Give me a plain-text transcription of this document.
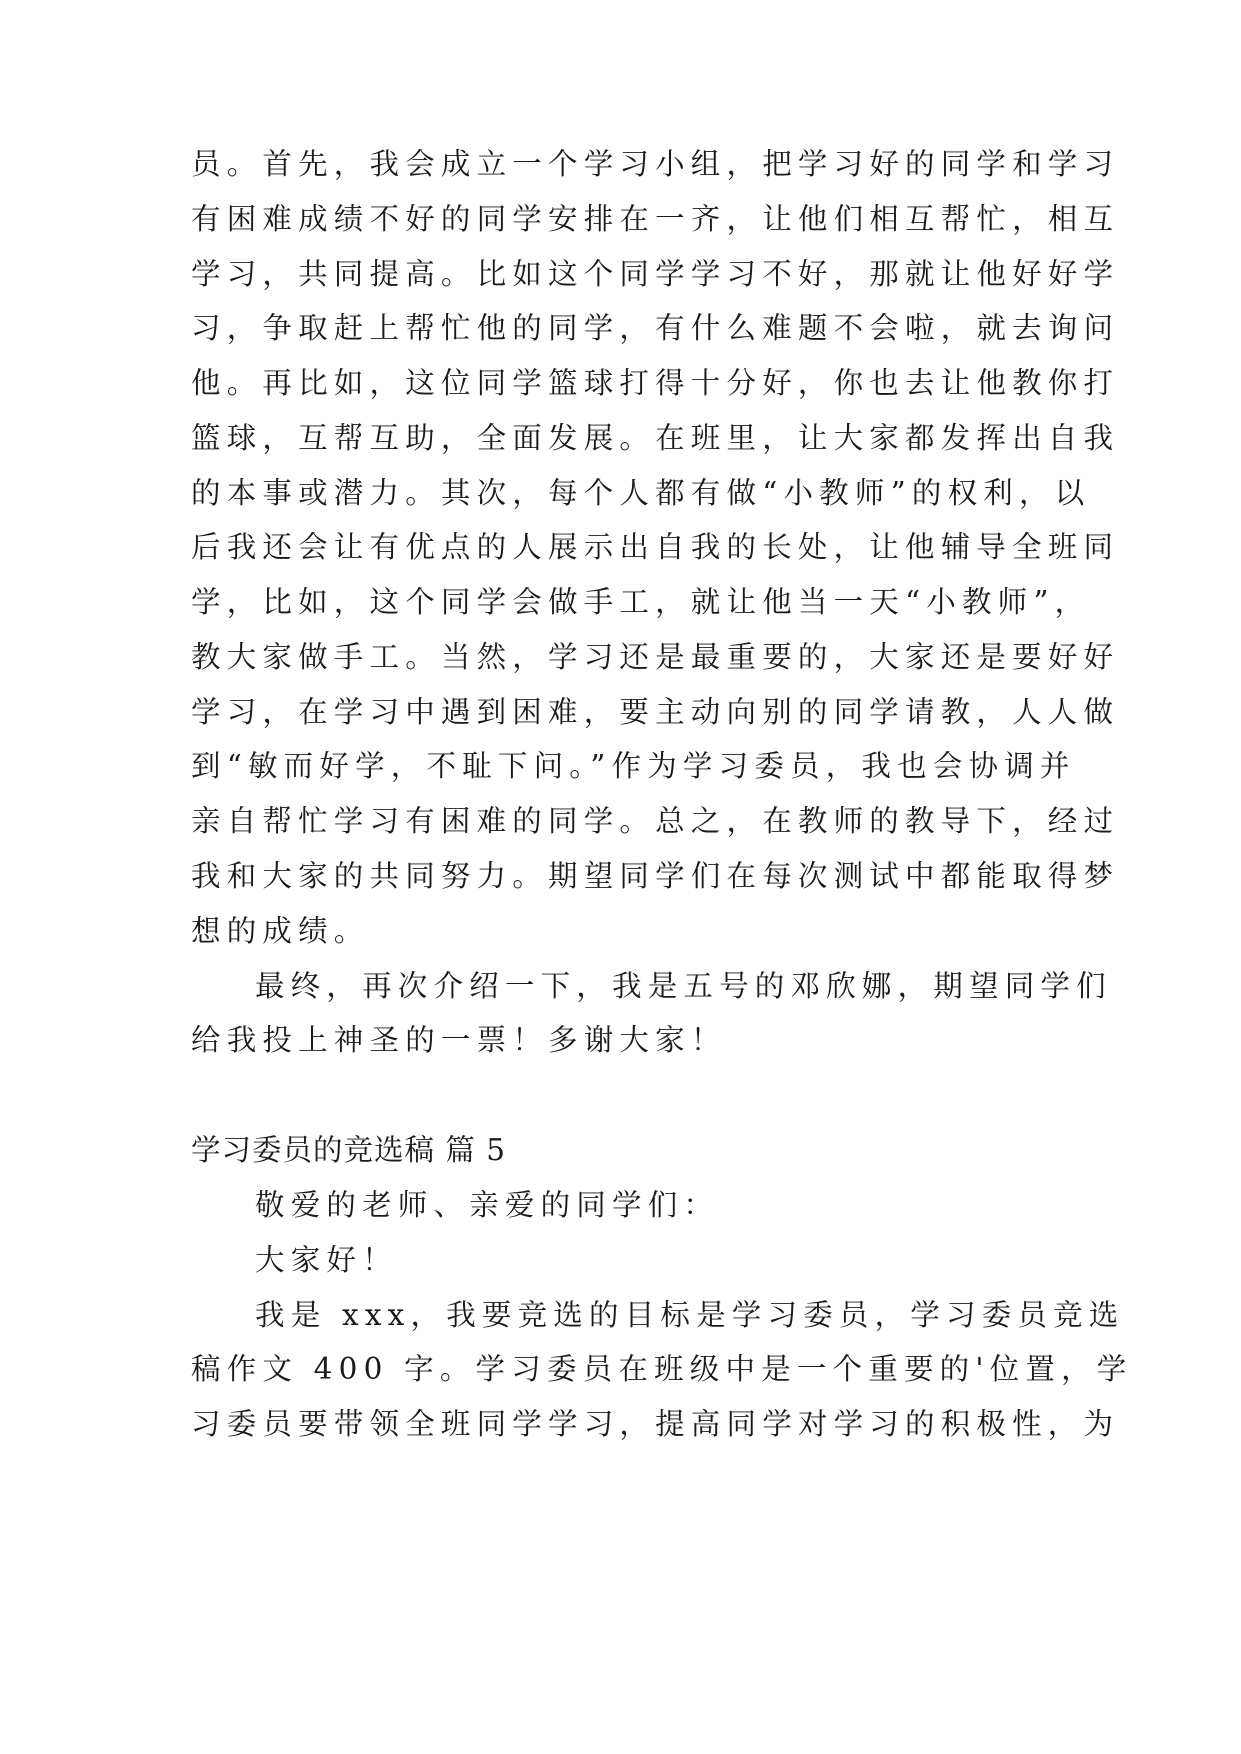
员。首先，我会成立一个学习小组，把学习好的同学和学习
有困难成绩不好的同学安排在一齐，让他们相互帮忙，相互
学习，共同提高。比如这个同学学习不好，那就让他好好学
习，争取赶上帮忙他的同学，有什么难题不会啦，就去询问
他。再比如，这位同学篮球打得十分好，你也去让他教你打
篮球，互帮互助，全面发展。在班里，让大家都发挥出自我
的本事或潜力。其次，每个人都有做“小教师”的权利，以
后我还会让有优点的人展示出自我的长处，让他辅导全班同
学，比如，这个同学会做手工，就让他当一天“小教师”，
教大家做手工。当然，学习还是最重要的，大家还是要好好
学习，在学习中遇到困难，要主动向别的同学请教，人人做
到“敏而好学，不耻下问。”作为学习委员，我也会协调并
亲自帮忙学习有困难的同学。总之，在教师的教导下，经过
我和大家的共同努力。期望同学们在每次测试中都能取得梦
想的成绩。
最终，再次介绍一下，我是五号的邓欣娜，期望同学们
给我投上神圣的一票！多谢大家！
学习委员的竞选稿 篇 5
敬爱的老师、亲爱的同学们：
大家好！
我是 xxx，我要竞选的目标是学习委员，学习委员竞选
稿作文 400 字。学习委员在班级中是一个重要的'位置，学
习委员要带领全班同学学习，提高同学对学习的积极性，为
